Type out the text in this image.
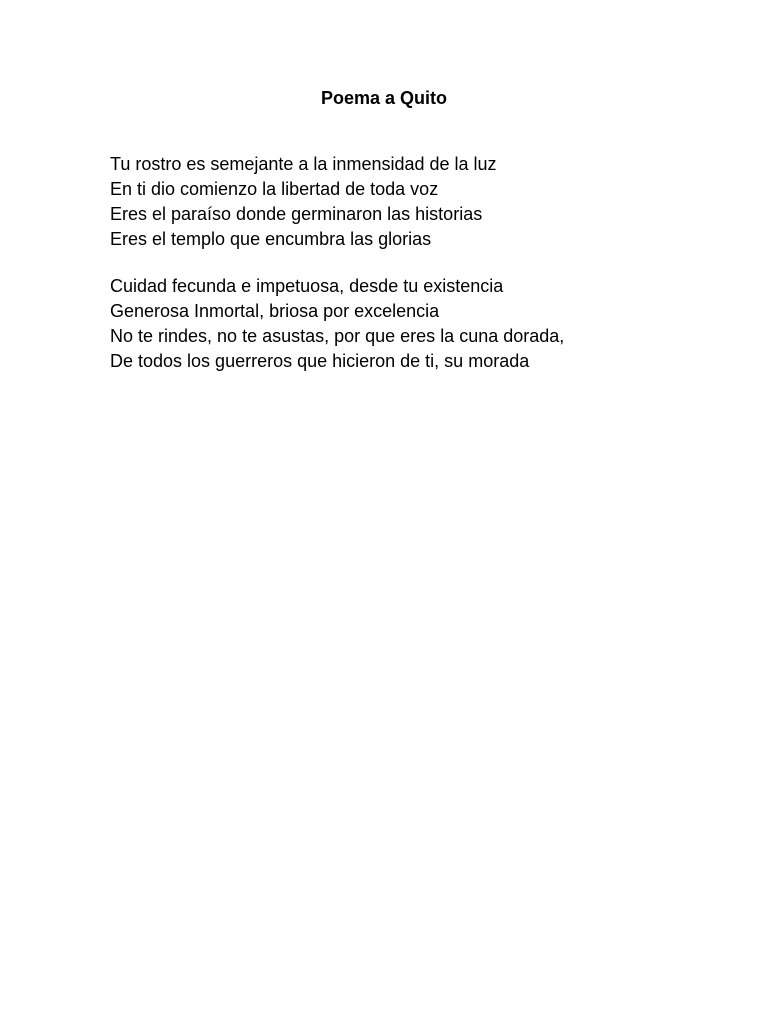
Poema a Quito
Tu rostro es semejante a la inmensidad de la luz
En ti dio comienzo la libertad de toda voz
Eres el paraíso donde germinaron las historias
Eres el templo que encumbra las glorias
Cuidad fecunda e impetuosa, desde tu existencia
Generosa Inmortal, briosa por excelencia
No te rindes, no te asustas, por que eres la cuna dorada,
De todos los guerreros que hicieron de ti, su morada
